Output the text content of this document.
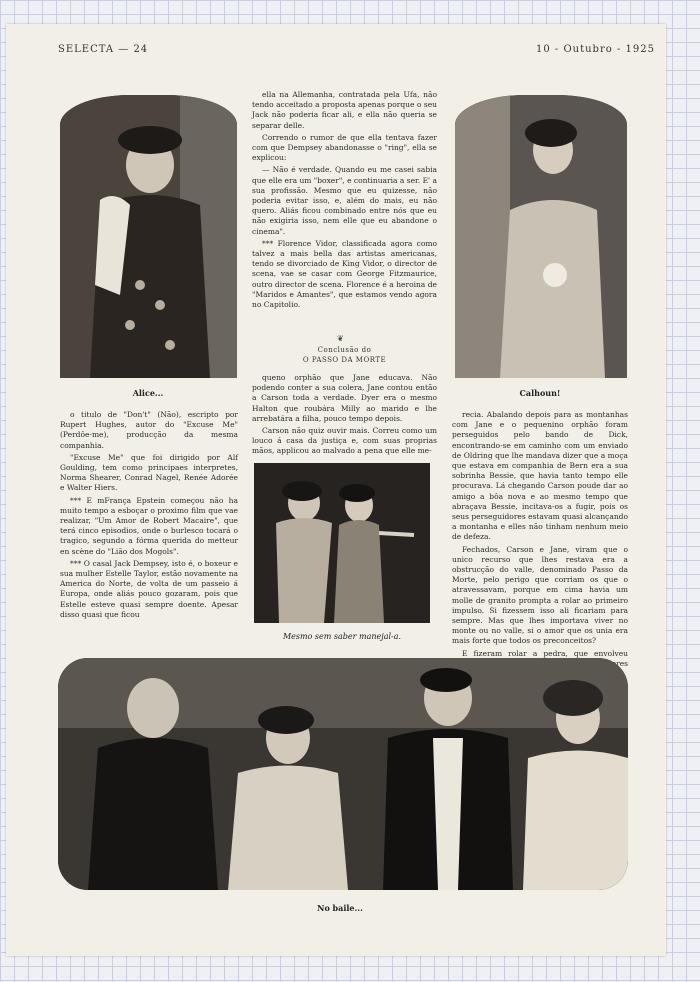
SELECTA — 24	10 - Outubro - 1925
Alice...	Calhoun!

ella na Allemanha, contratada pela Ufa, não tendo acceitado a proposta apenas porque o seu Jack não poderia ficar ali, e ella não queria se separar delle.

Correndo o rumor de que ella tentava fazer com que Dempsey abandonasse o "ring", ella se explicou:

— Não é verdade. Quando eu me casei sabia que elle era um "boxer", e continuaria a ser. E' a sua profissão. Mesmo que eu quizesse, não poderia evitar isso, e, além do mais, eu não quero. Aliás ficou combinado entre nós que eu não exigiria isso, nem elle que eu abandone o cinema".

*** Florence Vidor, classificada agora como talvez a mais bella das artistas americanas, tendo se divorciado de King Vidor, o director de scena, vae se casar com George Fitzmaurice, outro director de scena. Florence é a heroina de "Maridos e Amantes", que estamos vendo agora no Capitolio.

❦
Conclusão do
O PASSO DA MORTE

queno orphão que Jane educava. Não podendo conter a sua colera, Jane contou então a Carson toda a verdade. Dyer era o mesmo Halton que roubára Milly ao marido e lhe arrebatára a filha, pouco tempo depois.

Carson não quiz ouvir mais. Correu como um louco á casa da justiça e, com suas proprias mãos, applicou ao malvado a pena que elle me-

o titulo de "Don't" (Não), escripto por Rupert Hughes, autor do "Excuse Me" (Perdôe-me), producção da mesma companhia.

"Excuse Me" que foi dirigido por Alf Goulding, tem como principaes interpretes, Norma Shearer, Conrad Nagel, Renée Adorée e Walter Hiers.

*** E mFrança Epstein começou não ha muito tempo a esboçar o proximo film que vae realizar, "Um Amor de Robert Macaire", que terá cinco episodios, onde o burlesco tocará o tragico, segundo a fórma querida do metteur en scène do "Lião dos Mogols".

*** O casal Jack Dempsey, isto é, o boxeur e sua mulher Estelle Taylor, estão novamente na America do Norte, de volta de um passeio á Europa, onde aliás pouco gozaram, pois que Estelle esteve quasi sempre doente. Apesar disso quasi que ficou

Mesmo sem saber manejal-a.

recia. Abalando depois para as montanhas com Jane e o pequenino orphão foram perseguidos pelo bando de Dick, encontrando-se em caminho com um enviado de Oldring que lhe mandava dizer que a moça que estava em companhia de Bern era a sua sobrinha Bessie, que havia tanto tempo elle procurava. Lá chegando Carson poude dar ao amigo a bôa nova e ao mesmo tempo que abraçava Bessie, incitava-os a fugir, pois os seus perseguidores estavam quasi alcançando a montanha e elles não tinham nenhum meio de defeza.

Fechados, Carson e Jane, viram que o unico recurso que lhes restava era a obstrucção do valle, denominado Passo da Morte, pelo perigo que corriam os que o atravessavam, porque em cima havia um molle de granito prompta a rolar ao primeiro impulso. Si fizessem isso ali ficariam para sempre. Mas que lhes importava viver no monte ou no valle, si o amor que os unia era mais forte que todos os preconceitos?

E fizeram rolar a pedra, que envolveu

No baile...
